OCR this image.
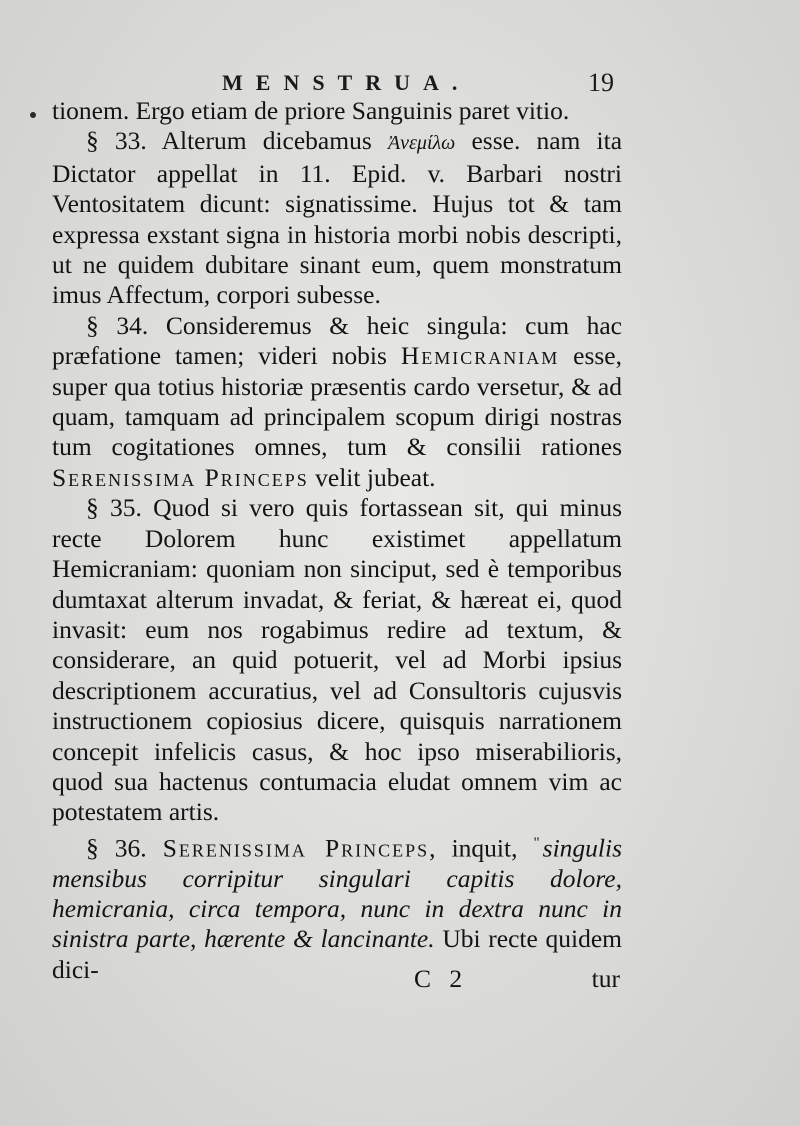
MENSTRUA.	19

tionem. Ergo etiam de priore Sanguinis paret vitio.

§ 33. Alterum dicebamus Ἀνεμίλω esse. nam ita Dictator appellat in 11. Epid. v. Barbari nostri Ventositatem dicunt: signatissime. Hujus tot & tam expressa exstant signa in historia morbi nobis descripti, ut ne quidem dubitare sinant eum, quem monstratum imus Affectum, corpori subesse.

§ 34. Consideremus & heic singula: cum hac præfatione tamen; videri nobis Hemicraniam esse, super qua totius historiæ præsentis cardo versetur, & ad quam, tamquam ad principalem scopum dirigi nostras tum cogitationes omnes, tum & consilii rationes Serenissima Princeps velit jubeat.

§ 35. Quod si vero quis fortassean sit, qui minus recte Dolorem hunc existimet appellatum Hemicraniam: quoniam non sinciput, sed è temporibus dumtaxat alterum invadat, & feriat, & hæreat ei, quod invasit: eum nos rogabimus redire ad textum, & considerare, an quid potuerit, vel ad Morbi ipsius descriptionem accuratius, vel ad Consultoris cujusvis instructionem copiosius dicere, quisquis narrationem concepit infelicis casus, & hoc ipso miserabilioris, quod sua hactenus contumacia eludat omnem vim ac potestatem artis.

§ 36. Serenissima Princeps, inquit, " singulis mensibus corripitur singulari capitis dolore, hemicrania, circa tempora, nunc in dextra nunc in sinistra parte, hærente & lancinante. Ubi recte quidem dici-	C 2	tur
